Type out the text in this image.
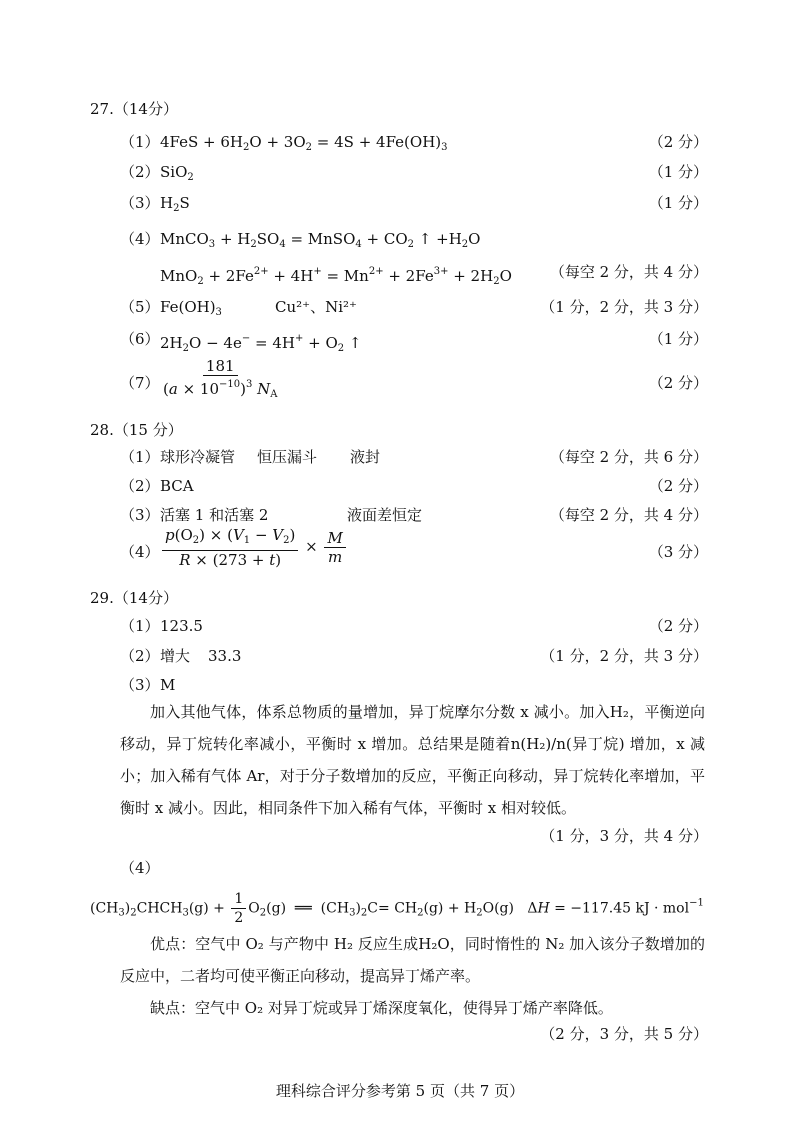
27.（14分）
（1） $4FeS + 6H_2O + 3O_2 = 4S + 4Fe(OH)_3$	（2 分）
（2） SiO$_2$	（1 分）
（3） $H_2S$	（1 分）
（4） MnCO$_3$ + $H_2SO_4$ = MnSO$_4$ + $CO_2$ ↑ $+H_2O$
$MnO_2 + 2Fe^{2+} + 4H^+ = Mn^{2+} + 2Fe^{3+} + 2H_2O$	（每空 2 分，共 4 分）
（5） $Fe(OH)_3$	Cu²⁺、Ni²⁺	（1 分，2 分，共 3 分）
（6） $2H_2O - 4e^- = 4H^+ + O_2$ ↑	（1 分）
$(7) \frac{181}{(a \times 10^{-10})^3 N_A}$	（2 分）
28.（15 分）
（1） 球形冷凝管 恒压漏斗 液封	（每空 2 分，共 6 分）
（2） BCA	（2 分）
（3） 活塞 1 和活塞 2	液面差恒定	（每空 2 分，共 4 分）
$(4) \frac{p(O_2) \times (V_1 - V_2)}{R \times (273 + t)} \times \frac{M}{m}$	（3 分）
29.（14分）
（1） 123.5	（2 分）
（2） 增大 33.3	（1 分，2 分，共 3 分）
（3） M
加入其他气体，体系总物质的量增加，异丁烷摩尔分数 x 减小。加入H₂，平衡逆向移动，异丁烷转化率减小，平衡时 x 增加。总结果是随着n(H₂)/n(异丁烷) 增加，x 减小；加入稀有气体 Ar，对于分子数增加的反应，平衡正向移动，异丁烷转化率增加，平衡时 x 减小。因此，相同条件下加入稀有气体，平衡时 x 相对较低。
（1 分，3 分，共 4 分）
（4）
$(CH_3)_2CHCH_3(g) + \frac{1}{2} O_2(g)$  ══  $(CH_3)_2C= CH_2(g) + H_2O(g) \Delta H = -117.45$ kJ · mol$^{-1}$
优点：空气中 O₂ 与产物中 H₂ 反应生成H₂O，同时惰性的 N₂ 加入该分子数增加的反应中，二者均可使平衡正向移动，提高异丁烯产率。
缺点：空气中 O₂ 对异丁烷或异丁烯深度氧化，使得异丁烯产率降低。
（2 分，3 分，共 5 分）
理科综合评分参考第 5 页（共 7 页）
